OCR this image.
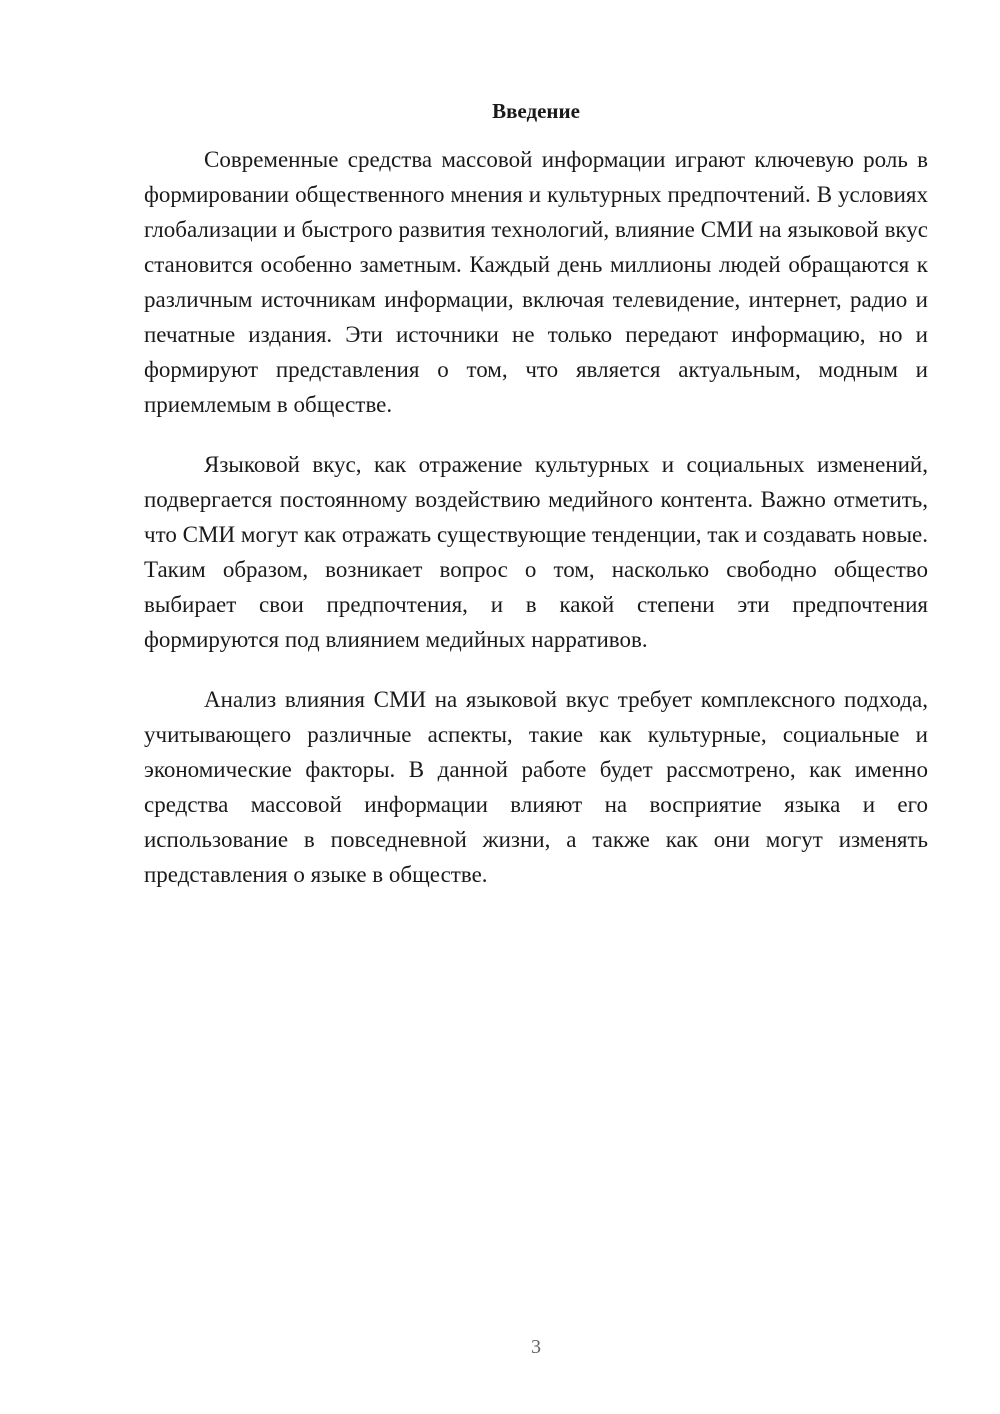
Введение

Современные средства массовой информации играют ключевую роль в формировании общественного мнения и культурных предпочтений. В условиях глобализации и быстрого развития технологий, влияние СМИ на языковой вкус становится особенно заметным. Каждый день миллионы людей обращаются к различным источникам информации, включая телевидение, интернет, радио и печатные издания. Эти источники не только передают информацию, но и формируют представления о том, что является актуальным, модным и приемлемым в обществе.

Языковой вкус, как отражение культурных и социальных изменений, подвергается постоянному воздействию медийного контента. Важно отметить, что СМИ могут как отражать существующие тенденции, так и создавать новые. Таким образом, возникает вопрос о том, насколько свободно общество выбирает свои предпочтения, и в какой степени эти предпочтения формируются под влиянием медийных нарративов.

Анализ влияния СМИ на языковой вкус требует комплексного подхода, учитывающего различные аспекты, такие как культурные, социальные и экономические факторы. В данной работе будет рассмотрено, как именно средства массовой информации влияют на восприятие языка и его использование в повседневной жизни, а также как они могут изменять представления о языке в обществе.

3
